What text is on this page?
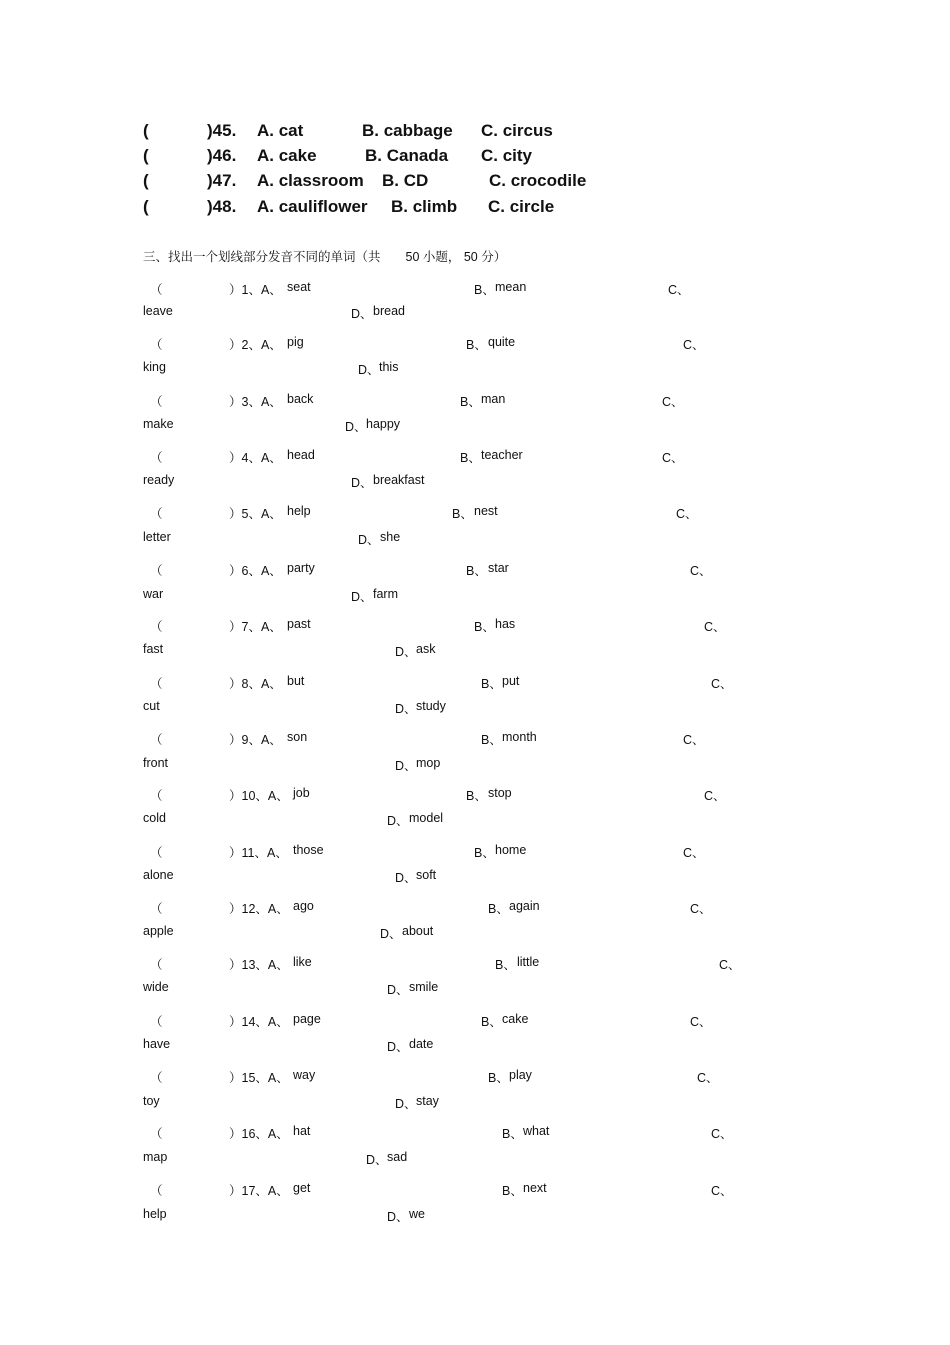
(	)45. A. cat	B. cabbage C. circus
(	)46. A. cake	B. Canada C. city
(	)47. A. classroom B. CD	C. crocodile
(	)48. A. cauliflower B. climb C. circle
三、找出一个划线部分发音不同的单词（共　　50 小题， 50 分）
（	）1、A、 seat	B、 mean	C、
leave	D、 bread
（	）2、A、 pig	B、 quite	C、
king	D、 this
（	）3、A、 back	B、 man	C、
make	D、 happy
（	）4、A、 head	B、 teacher	C、
ready	D、 breakfast
（	）5、A、 help	B、 nest	C、
letter	D、 she
（	）6、A、 party	B、 star	C、
war	D、 farm
（	）7、A、 past	B、 has	C、
fast	D、 ask
（	）8、A、 but	B、 put	C、
cut	D、 study
（	）9、A、 son	B、 month	C、
front	D、 mop
（	）10、A、 job	B、 stop	C、
cold	D、 model
（	）11、A、 those	B、 home	C、
alone	D、 soft
（	）12、A、 ago	B、 again	C、
apple	D、 about
（	）13、A、 like	B、 little	C、
wide	D、 smile
（	）14、A、 page	B、 cake	C、
have	D、 date
（	）15、A、 way	B、 play	C、
toy	D、 stay
（	）16、A、 hat	B、 what	C、
map	D、 sad
（	）17、A、 get	B、 next	C、
help	D、 we
